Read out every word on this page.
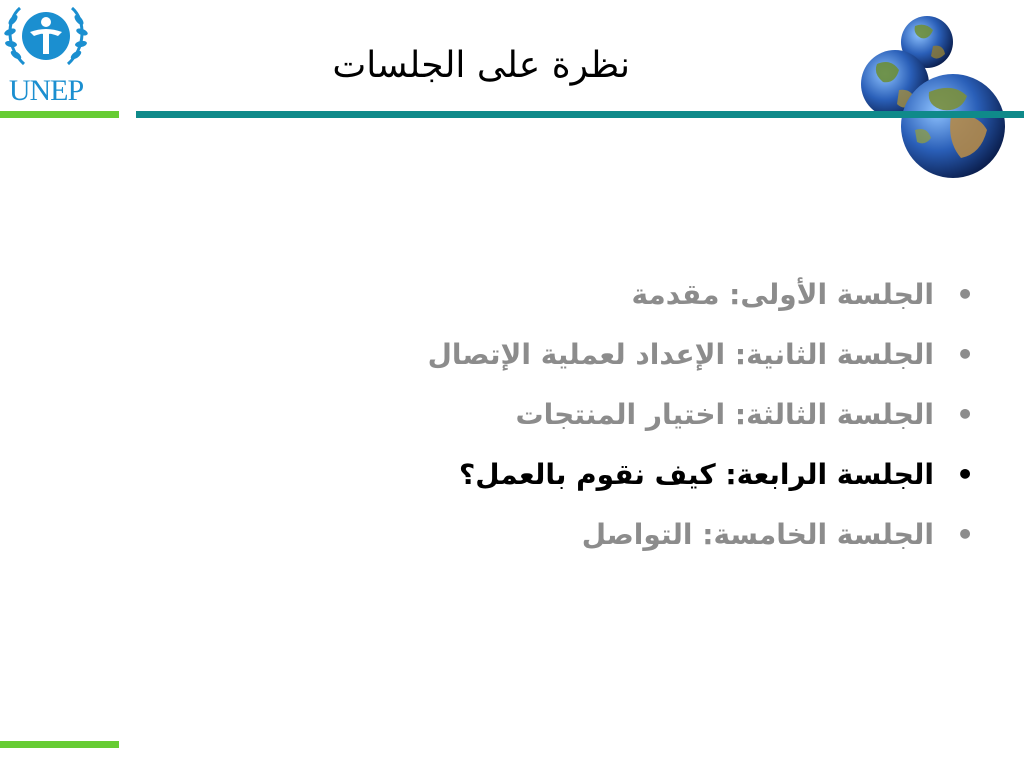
UNEP
نظرة على الجلسات
•
الجلسة الأولى: مقدمة
•
الجلسة الثانية: الإعداد لعملية الإتصال
•
الجلسة الثالثة: اختيار المنتجات
•
الجلسة الرابعة: كيف نقوم بالعمل؟
•
الجلسة الخامسة: التواصل
